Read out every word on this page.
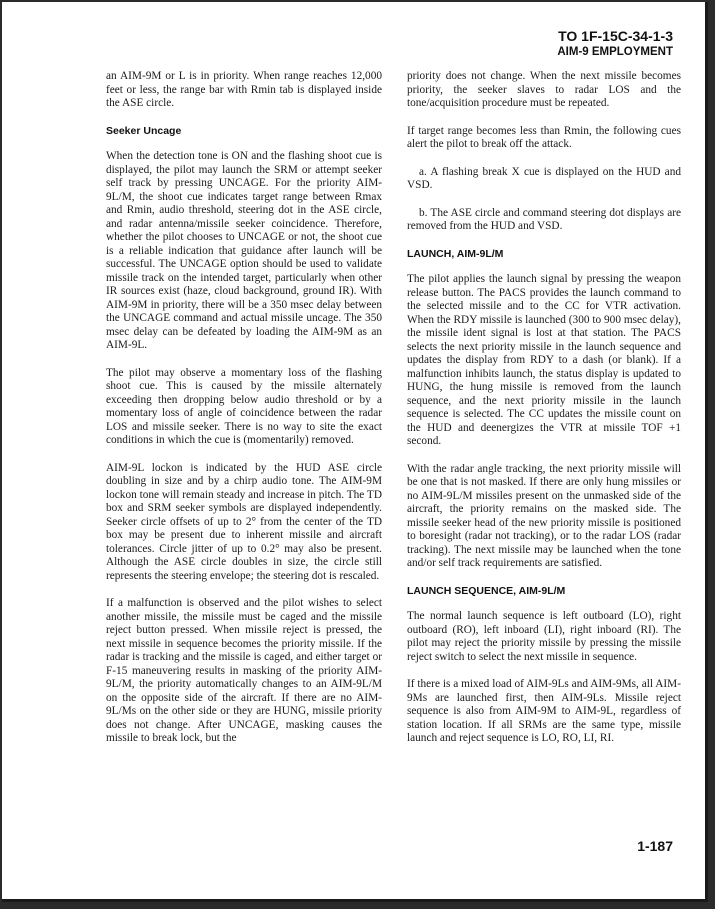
TO 1F-15C-34-1-3
AIM-9 EMPLOYMENT

an AIM-9M or L is in priority. When range reaches 12,000 feet or less, the range bar with Rmin tab is displayed inside the ASE circle.

Seeker Uncage

When the detection tone is ON and the flashing shoot cue is displayed, the pilot may launch the SRM or attempt seeker self track by pressing UNCAGE. For the priority AIM-9L/M, the shoot cue indicates target range between Rmax and Rmin, audio threshold, steering dot in the ASE circle, and radar antenna/missile seeker coincidence. Therefore, whether the pilot chooses to UNCAGE or not, the shoot cue is a reliable indication that guidance after launch will be successful. The UNCAGE option should be used to validate missile track on the intended target, particularly when other IR sources exist (haze, cloud background, ground IR). With AIM-9M in priority, there will be a 350 msec delay between the UNCAGE command and actual missile uncage. The 350 msec delay can be defeated by loading the AIM-9M as an AIM-9L.

The pilot may observe a momentary loss of the flashing shoot cue. This is caused by the missile alternately exceeding then dropping below audio threshold or by a momentary loss of angle of coincidence between the radar LOS and missile seeker. There is no way to site the exact conditions in which the cue is (momentarily) removed.

AIM-9L lockon is indicated by the HUD ASE circle doubling in size and by a chirp audio tone. The AIM-9M lockon tone will remain steady and increase in pitch. The TD box and SRM seeker symbols are displayed independently. Seeker circle offsets of up to 2° from the center of the TD box may be present due to inherent missile and aircraft tolerances. Circle jitter of up to 0.2° may also be present. Although the ASE circle doubles in size, the circle still represents the steering envelope; the steering dot is rescaled.

If a malfunction is observed and the pilot wishes to select another missile, the missile must be caged and the missile reject button pressed. When missile reject is pressed, the next missile in sequence becomes the priority missile. If the radar is tracking and the missile is caged, and either target or F-15 maneuvering results in masking of the priority AIM-9L/M, the priority automatically changes to an AIM-9L/M on the opposite side of the aircraft. If there are no AIM-9L/Ms on the other side or they are HUNG, missile priority does not change. After UNCAGE, masking causes the missile to break lock, but the

priority does not change. When the next missile becomes priority, the seeker slaves to radar LOS and the tone/acquisition procedure must be repeated.

If target range becomes less than Rmin, the following cues alert the pilot to break off the attack.

a. A flashing break X cue is displayed on the HUD and VSD.

b. The ASE circle and command steering dot displays are removed from the HUD and VSD.

LAUNCH, AIM-9L/M

The pilot applies the launch signal by pressing the weapon release button. The PACS provides the launch command to the selected missile and to the CC for VTR activation. When the RDY missile is launched (300 to 900 msec delay), the missile ident signal is lost at that station. The PACS selects the next priority missile in the launch sequence and updates the display from RDY to a dash (or blank). If a malfunction inhibits launch, the status display is updated to HUNG, the hung missile is removed from the launch sequence, and the next priority missile in the launch sequence is selected. The CC updates the missile count on the HUD and deenergizes the VTR at missile TOF +1 second.

With the radar angle tracking, the next priority missile will be one that is not masked. If there are only hung missiles or no AIM-9L/M missiles present on the unmasked side of the aircraft, the priority remains on the masked side. The missile seeker head of the new priority missile is positioned to boresight (radar not tracking), or to the radar LOS (radar tracking). The next missile may be launched when the tone and/or self track requirements are satisfied.

LAUNCH SEQUENCE, AIM-9L/M

The normal launch sequence is left outboard (LO), right outboard (RO), left inboard (LI), right inboard (RI). The pilot may reject the priority missile by pressing the missile reject switch to select the next missile in sequence.

If there is a mixed load of AIM-9Ls and AIM-9Ms, all AIM-9Ms are launched first, then AIM-9Ls. Missile reject sequence is also from AIM-9M to AIM-9L, regardless of station location. If all SRMs are the same type, missile launch and reject sequence is LO, RO, LI, RI.

1-187
